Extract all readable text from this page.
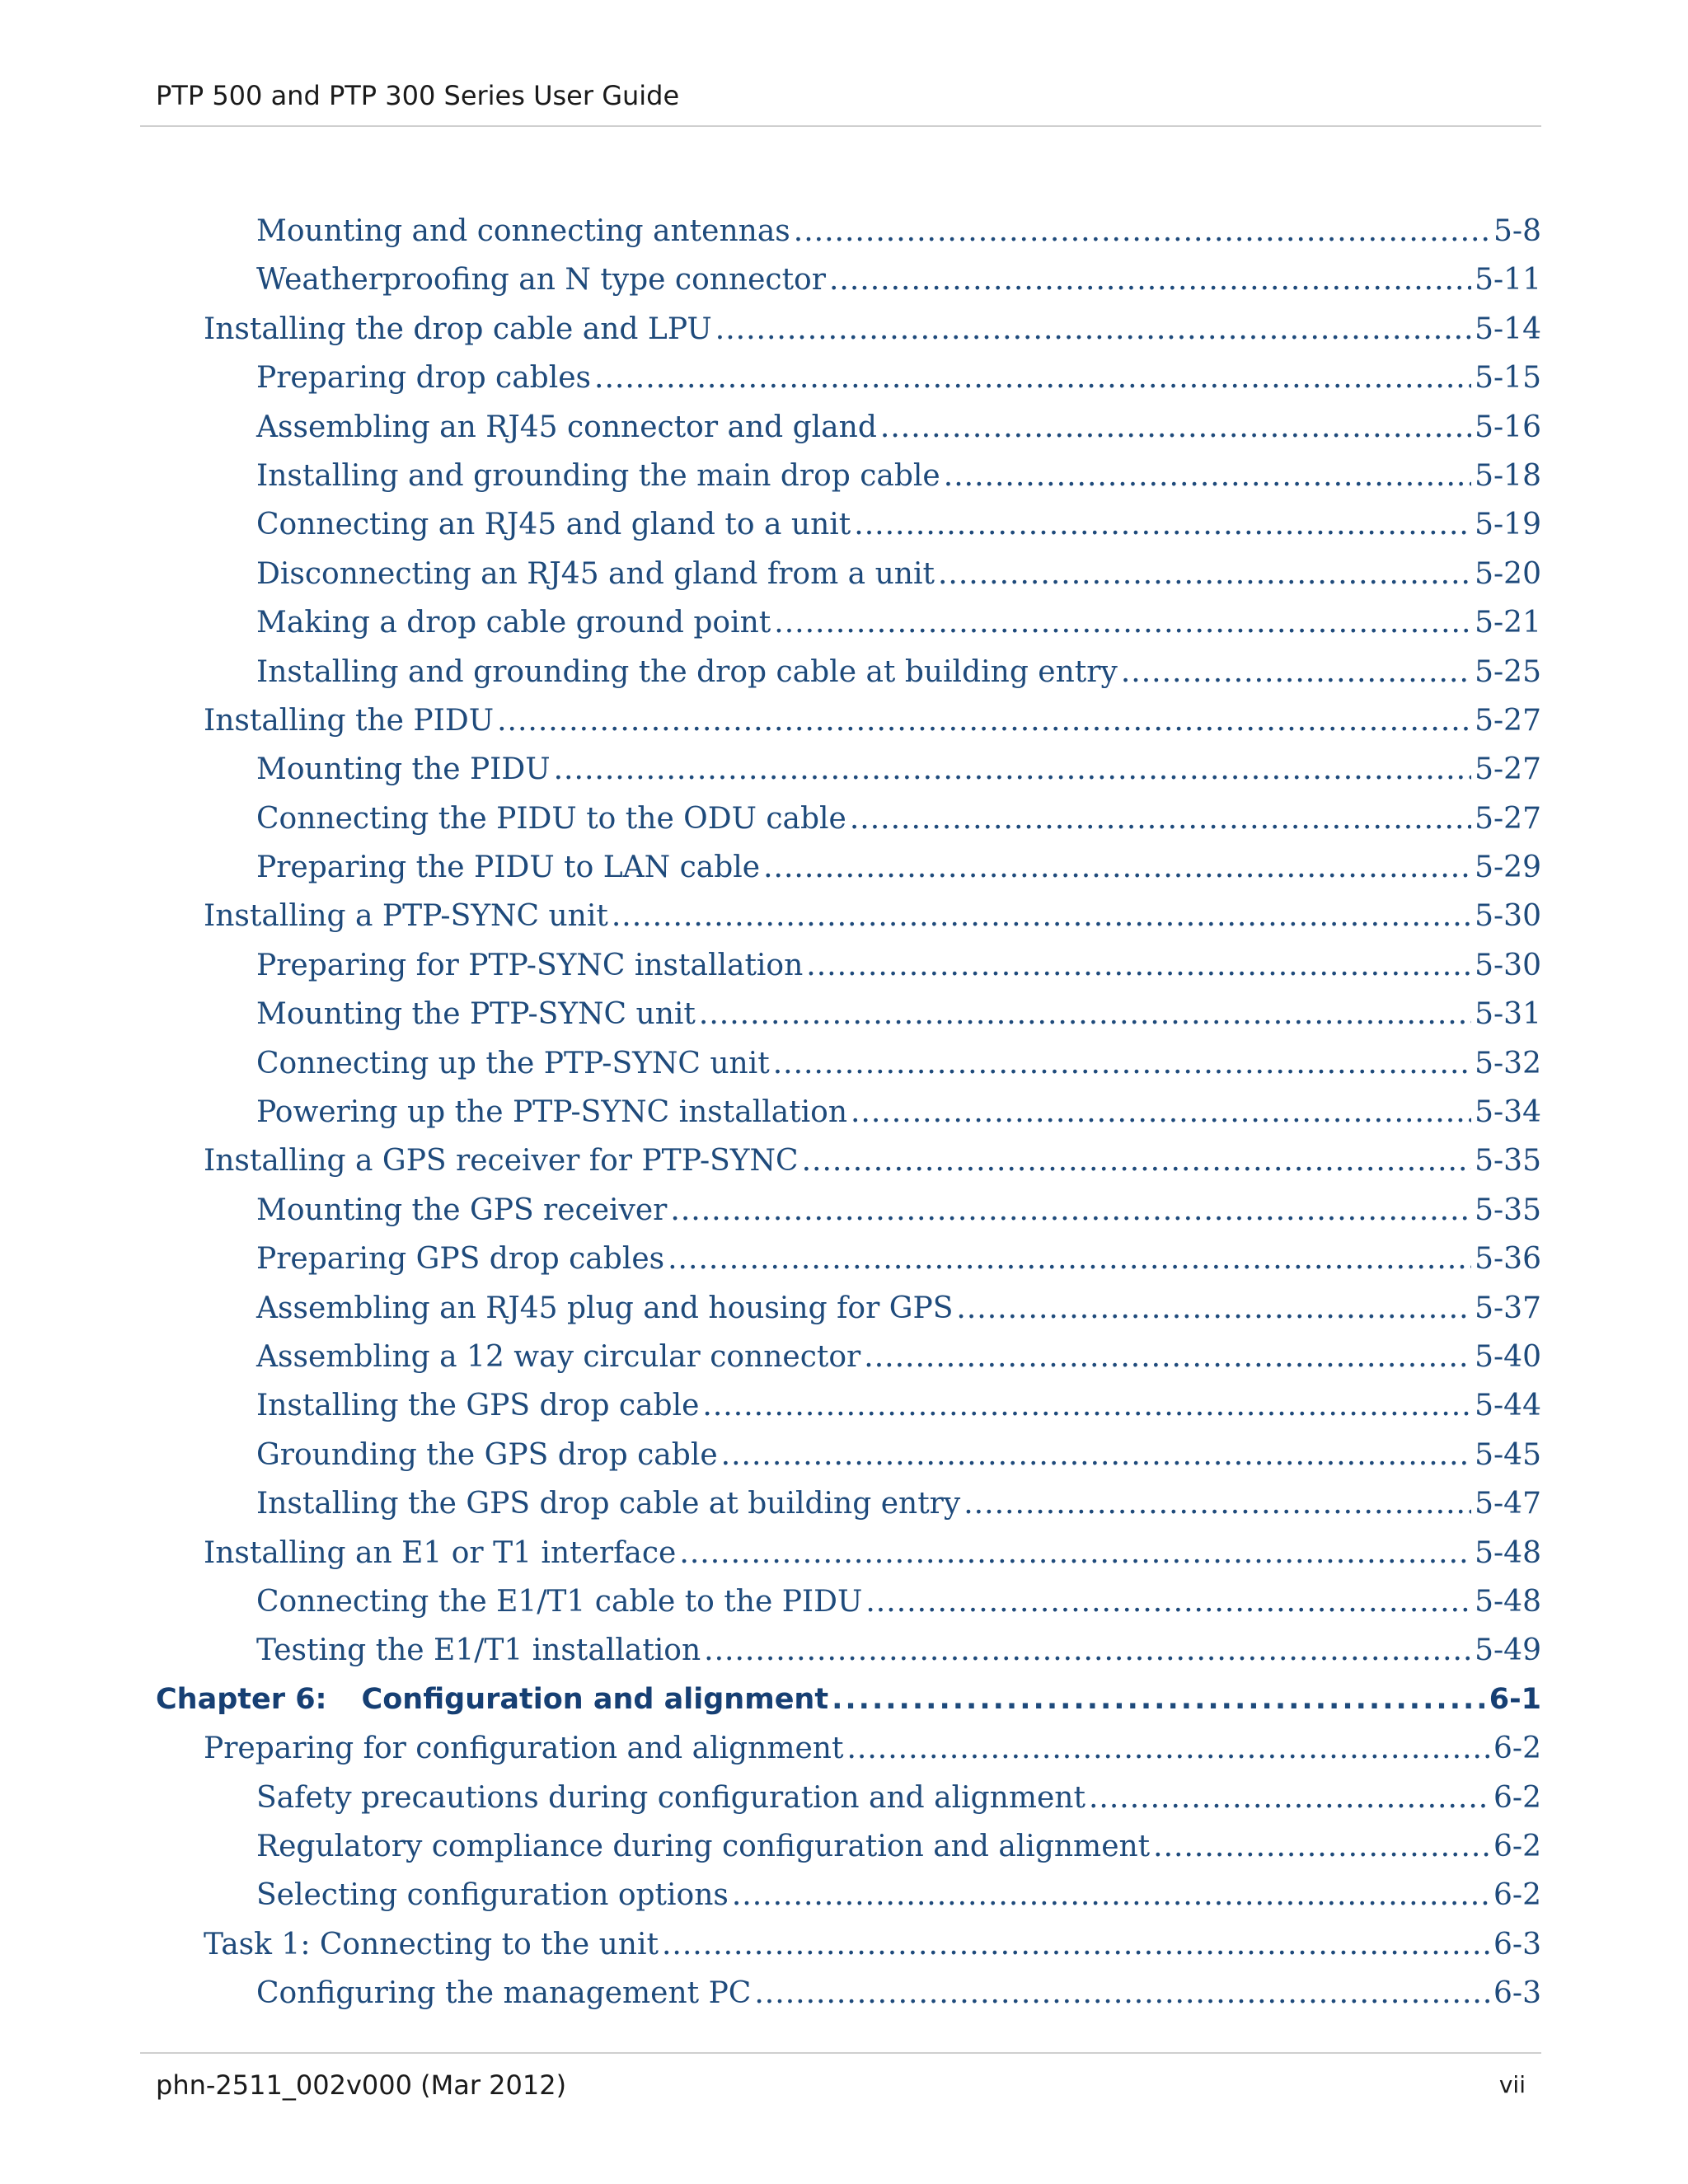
PTP 500 and PTP 300 Series User Guide
Mounting and connecting antennas .....	5-8
Weatherproofing an N type connector .....	5-11
Installing the drop cable and LPU .....	5-14
Preparing drop cables .....	5-15
Assembling an RJ45 connector and gland .....	5-16
Installing and grounding the main drop cable .....	5-18
Connecting an RJ45 and gland to a unit .....	5-19
Disconnecting an RJ45 and gland from a unit .....	5-20
Making a drop cable ground point .....	5-21
Installing and grounding the drop cable at building entry .....	5-25
Installing the PIDU .....	5-27
Mounting the PIDU .....	5-27
Connecting the PIDU to the ODU cable .....	5-27
Preparing the PIDU to LAN cable .....	5-29
Installing a PTP-SYNC unit .....	5-30
Preparing for PTP-SYNC installation .....	5-30
Mounting the PTP-SYNC unit .....	5-31
Connecting up the PTP-SYNC unit .....	5-32
Powering up the PTP-SYNC installation .....	5-34
Installing a GPS receiver for PTP-SYNC .....	5-35
Mounting the GPS receiver .....	5-35
Preparing GPS drop cables .....	5-36
Assembling an RJ45 plug and housing for GPS .....	5-37
Assembling a 12 way circular connector .....	5-40
Installing the GPS drop cable .....	5-44
Grounding the GPS drop cable .....	5-45
Installing the GPS drop cable at building entry .....	5-47
Installing an E1 or T1 interface .....	5-48
Connecting the E1/T1 cable to the PIDU .....	5-48
Testing the E1/T1 installation .....	5-49
Chapter 6: Configuration and alignment .....	6-1
Preparing for configuration and alignment .....	6-2
Safety precautions during configuration and alignment .....	6-2
Regulatory compliance during configuration and alignment .....	6-2
Selecting configuration options .....	6-2
Task 1: Connecting to the unit .....	6-3
Configuring the management PC .....	6-3
phn-2511_002v000 (Mar 2012)	vii
